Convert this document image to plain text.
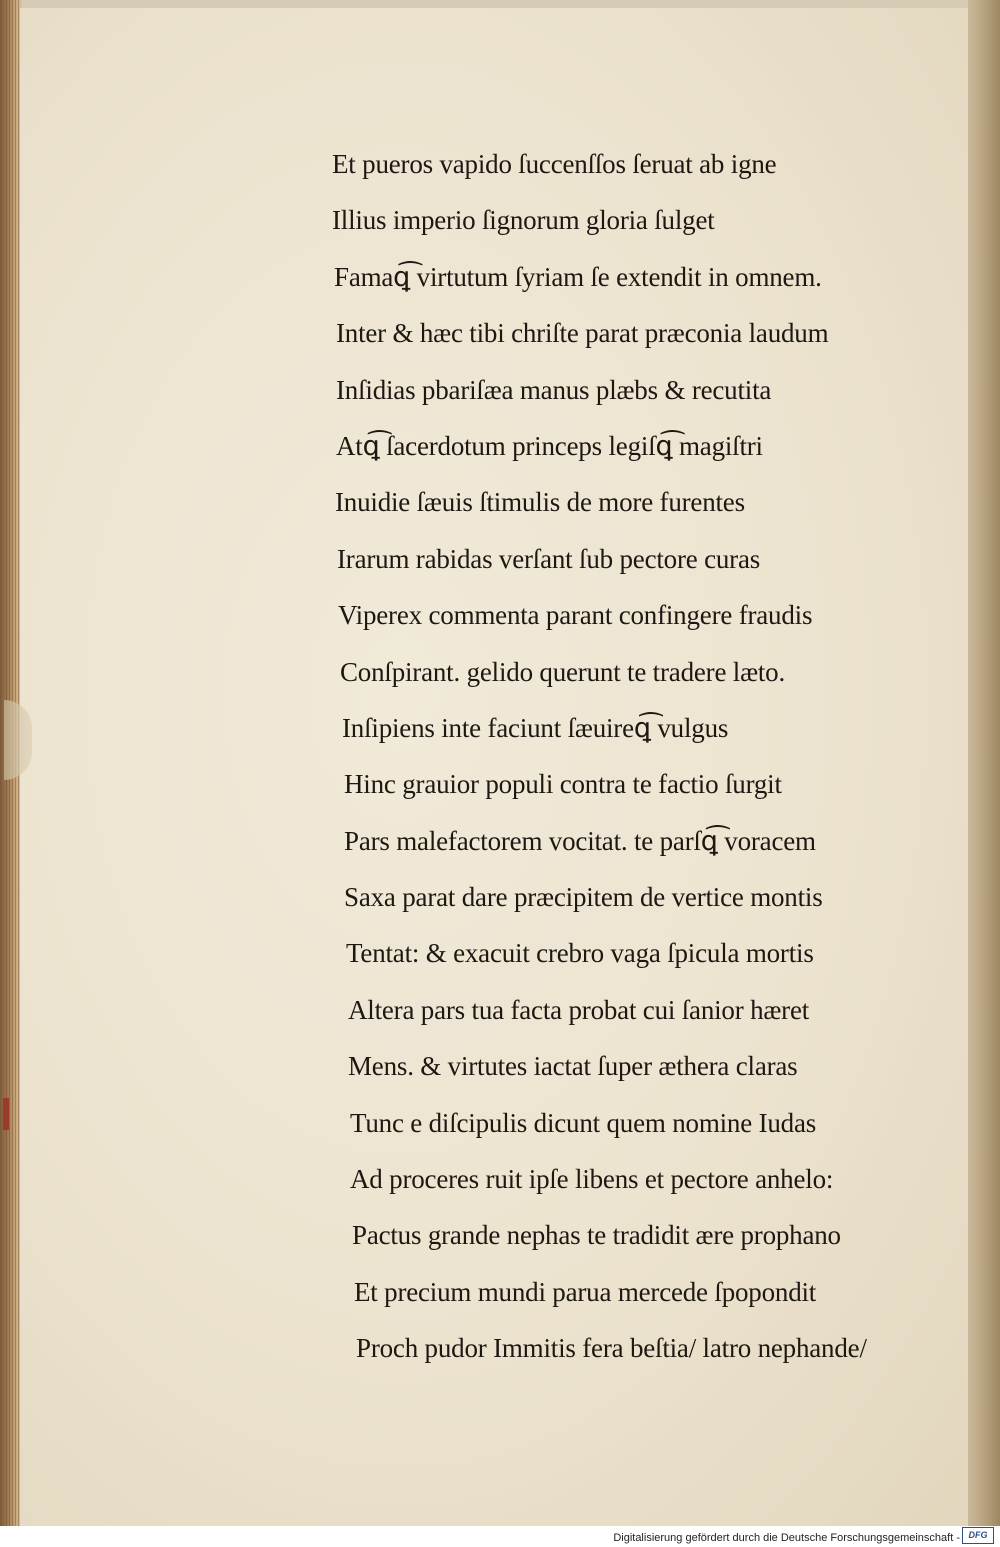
Et pueros vapido ſuccenſſos ſeruat ab igne
Illius imperio ſignorum gloria ſulget
Famaꝗ͡ virtutum ſyriam ſe extendit in omnem.
Inter & hæc tibi chriſte parat præconia laudum
Inſidias pbariſæa manus plæbs & recutita
Atꝗ͡ ſacerdotum princeps legiſꝗ͡ magiſtri
Inuidie ſæuis ſtimulis de more furentes
Irarum rabidas verſant ſub pectore curas
Viperex commenta parant confingere fraudis
Conſpirant. gelido querunt te tradere læto.
Inſipiens inte faciunt ſæuireꝗ͡ vulgus
Hinc grauior populi contra te factio ſurgit
Pars malefactorem vocitat. te parſꝗ͡ voracem
Saxa parat dare præcipitem de vertice montis
Tentat: & exacuit crebro vaga ſpicula mortis
Altera pars tua facta probat cui ſanior hæret
Mens. & virtutes iactat ſuper æthera claras
Tunc e diſcipulis dicunt quem nomine Iudas
Ad proceres ruit ipſe libens et pectore anhelo:
Pactus grande nephas te tradidit ære prophano
Et precium mundi parua mercede ſpopondit
Proch pudor Immitis fera beſtia/ latro nephande/
Digitalisierung gefördert durch die Deutsche Forschungsgemeinschaft - DFG
